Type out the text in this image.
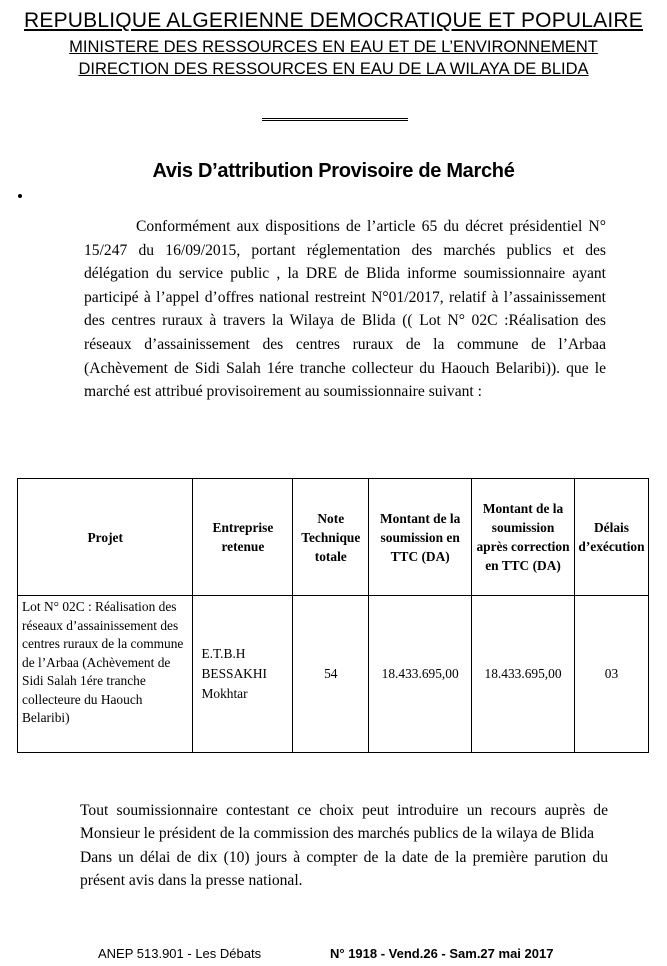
REPUBLIQUE ALGERIENNE DEMOCRATIQUE ET POPULAIRE
MINISTERE DES RESSOURCES EN EAU ET DE L’ENVIRONNEMENT
DIRECTION DES RESSOURCES EN EAU DE LA WILAYA DE BLIDA
Avis D’attribution Provisoire de Marché
Conformément aux dispositions de l’article 65 du décret présidentiel N° 15/247 du 16/09/2015, portant réglementation des marchés publics et des délégation du service public , la DRE de Blida informe soumissionnaire ayant participé à l’appel d’offres national restreint N°01/2017, relatif à l’assainissement des centres ruraux à travers la Wilaya de Blida (( Lot N° 02C :Réalisation des réseaux d’assainissement des centres ruraux de la commune de l’Arbaa (Achèvement de Sidi Salah 1ére tranche collecteur du Haouch Belaribi)). que le marché est attribué provisoirement au soumissionnaire suivant :
Projet	Entreprise retenue	Note Technique totale	Montant de la soumission en TTC (DA)	Montant de la soumission après correction en TTC (DA)	Délais d’exécution
Lot N° 02C : Réalisation des réseaux d’assainissement des centres ruraux de la commune de l’Arbaa (Achèvement de Sidi Salah 1ére tranche collecteure du Haouch Belaribi)	E.T.B.H
BESSAKHI
Mokhtar	54	18.433.695,00	18.433.695,00	03

Tout soumissionnaire contestant ce choix peut introduire un recours auprès de Monsieur le président de la commission des marchés publics de la wilaya de Blida

Dans un délai de dix (10) jours à compter de la date de la première parution du présent avis dans la presse national.

ANEP 513.901 - Les Débats	N° 1918 - Vend.26 - Sam.27 mai 2017
